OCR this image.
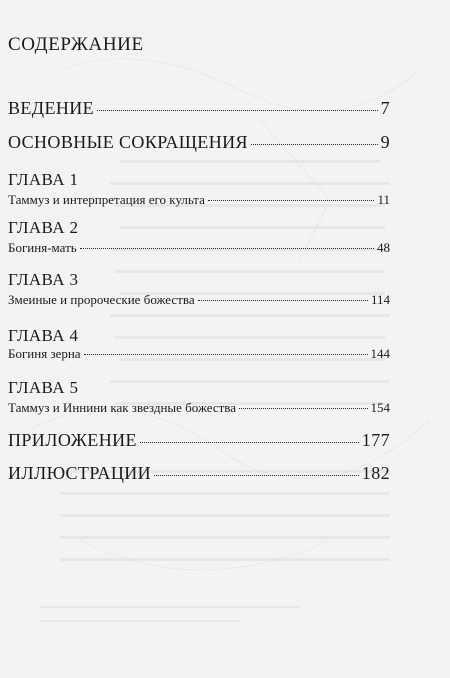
СОДЕРЖАНИЕ
ВЕДЕНИЕ	7
ОСНОВНЫЕ СОКРАЩЕНИЯ	9
ГЛАВА 1
Таммуз и интерпретация его культа	11
ГЛАВА 2
Богиня-мать	48
ГЛАВА 3
Змеиные и пророческие божества	114
ГЛАВА 4
Богиня зерна	144
ГЛАВА 5
Таммуз и Иннини как звездные божества	154
ПРИЛОЖЕНИЕ	177
ИЛЛЮСТРАЦИИ	182
